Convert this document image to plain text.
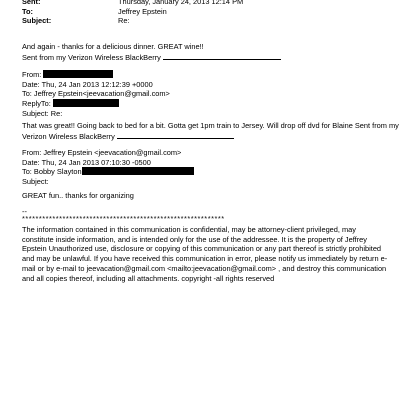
Sent:	Thursday, January 24, 2013 12:14 PM
To:	Jeffrey Epstein
Subject:	Re:
And again - thanks for a delicious dinner. GREAT wine!!
Sent from my Verizon Wireless BlackBerry
From:
Date: Thu, 24 Jan 2013 12:12:39 +0000
To: Jeffrey Epstein<jeevacation@gmail.com>
ReplyTo:
Subject: Re:
That was great!! Going back to bed for a bit. Gotta get 1pm train to Jersey. Will drop off dvd for Blaine Sent from my
Verizon Wireless BlackBerry
From: Jeffrey Epstein <jeevacation@gmail.com>
Date: Thu, 24 Jan 2013 07:10:30 -0500
To: Bobby Slayton
Subject:
GREAT fun.. thanks for organizing
--
************************************************************
The information contained in this communication is confidential, may be attorney-client privileged, may constitute inside information, and is intended only for the use of the addressee. It is the property of Jeffrey Epstein Unauthorized use, disclosure or copying of this communication or any part thereof is strictly prohibited and may be unlawful. If you have received this communication in error, please notify us immediately by return e-mail or by e-mail to jeevacation@gmail.com <mailto:jeevacation@gmail.com> , and destroy this communication and all copies thereof, including all attachments. copyright -all rights reserved
